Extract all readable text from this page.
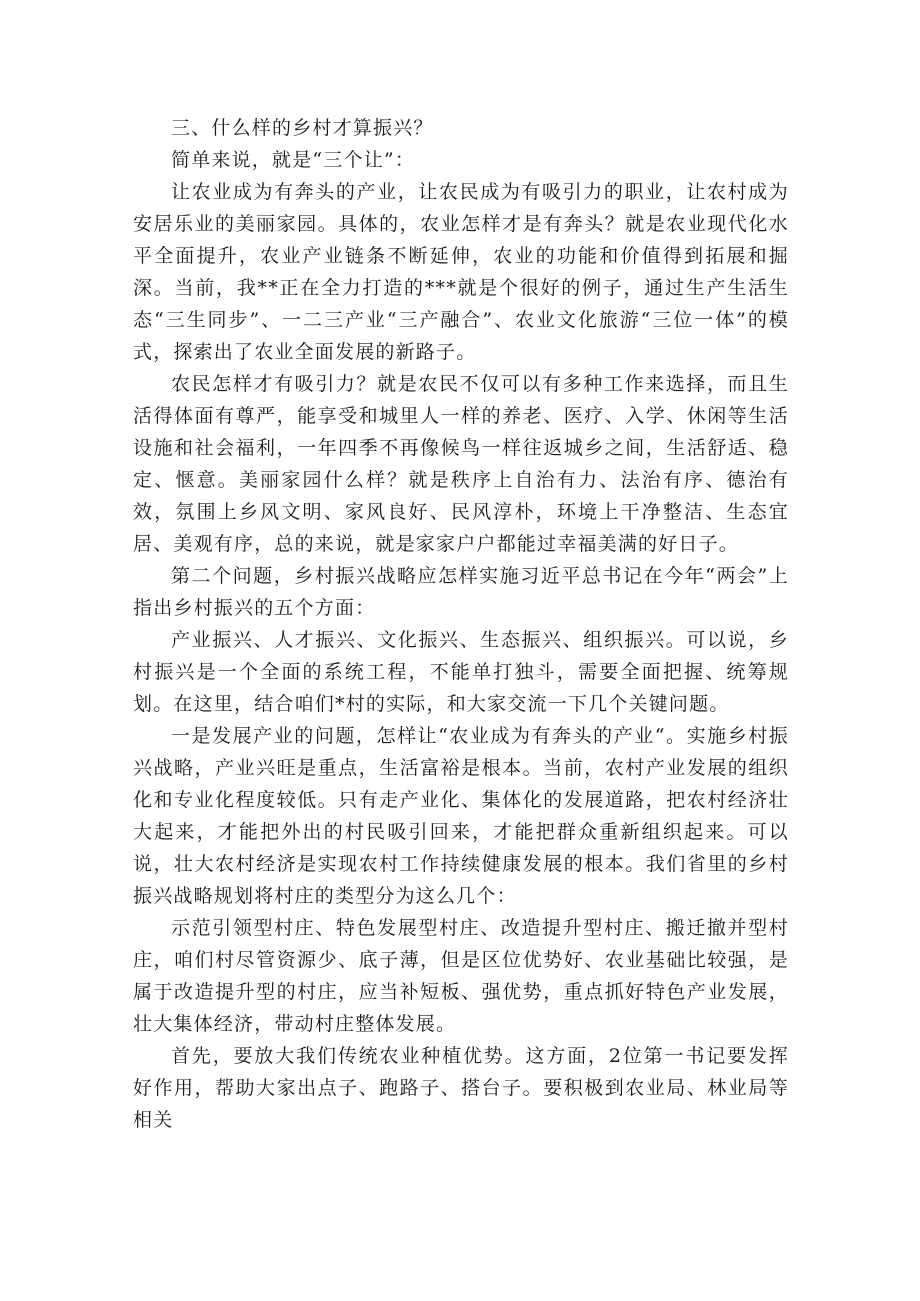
三、什么样的乡村才算振兴？

简单来说，就是“三个让”：

让农业成为有奔头的产业，让农民成为有吸引力的职业，让农村成为安居乐业的美丽家园。具体的，农业怎样才是有奔头？就是农业现代化水平全面提升，农业产业链条不断延伸，农业的功能和价值得到拓展和掘深。当前，我**正在全力打造的***就是个很好的例子，通过生产生活生态“三生同步”、一二三产业“三产融合”、农业文化旅游“三位一体”的模式，探索出了农业全面发展的新路子。

农民怎样才有吸引力？就是农民不仅可以有多种工作来选择，而且生活得体面有尊严，能享受和城里人一样的养老、医疗、入学、休闲等生活设施和社会福利，一年四季不再像候鸟一样往返城乡之间，生活舒适、稳定、惬意。美丽家园什么样？就是秩序上自治有力、法治有序、德治有效，氛围上乡风文明、家风良好、民风淳朴，环境上干净整洁、生态宜居、美观有序，总的来说，就是家家户户都能过幸福美满的好日子。

第二个问题，乡村振兴战略应怎样实施习近平总书记在今年“两会”上指出乡村振兴的五个方面：

产业振兴、人才振兴、文化振兴、生态振兴、组织振兴。可以说，乡村振兴是一个全面的系统工程，不能单打独斗，需要全面把握、统筹规划。在这里，结合咱们*村的实际，和大家交流一下几个关键问题。

一是发展产业的问题，怎样让“农业成为有奔头的产业“。实施乡村振兴战略，产业兴旺是重点，生活富裕是根本。当前，农村产业发展的组织化和专业化程度较低。只有走产业化、集体化的发展道路，把农村经济壮大起来，才能把外出的村民吸引回来，才能把群众重新组织起来。可以说，壮大农村经济是实现农村工作持续健康发展的根本。我们省里的乡村振兴战略规划将村庄的类型分为这么几个：

示范引领型村庄、特色发展型村庄、改造提升型村庄、搬迁撤并型村庄，咱们村尽管资源少、底子薄，但是区位优势好、农业基础比较强，是属于改造提升型的村庄，应当补短板、强优势，重点抓好特色产业发展，壮大集体经济，带动村庄整体发展。

首先，要放大我们传统农业种植优势。这方面，2位第一书记要发挥好作用，帮助大家出点子、跑路子、搭台子。要积极到农业局、林业局等相关
